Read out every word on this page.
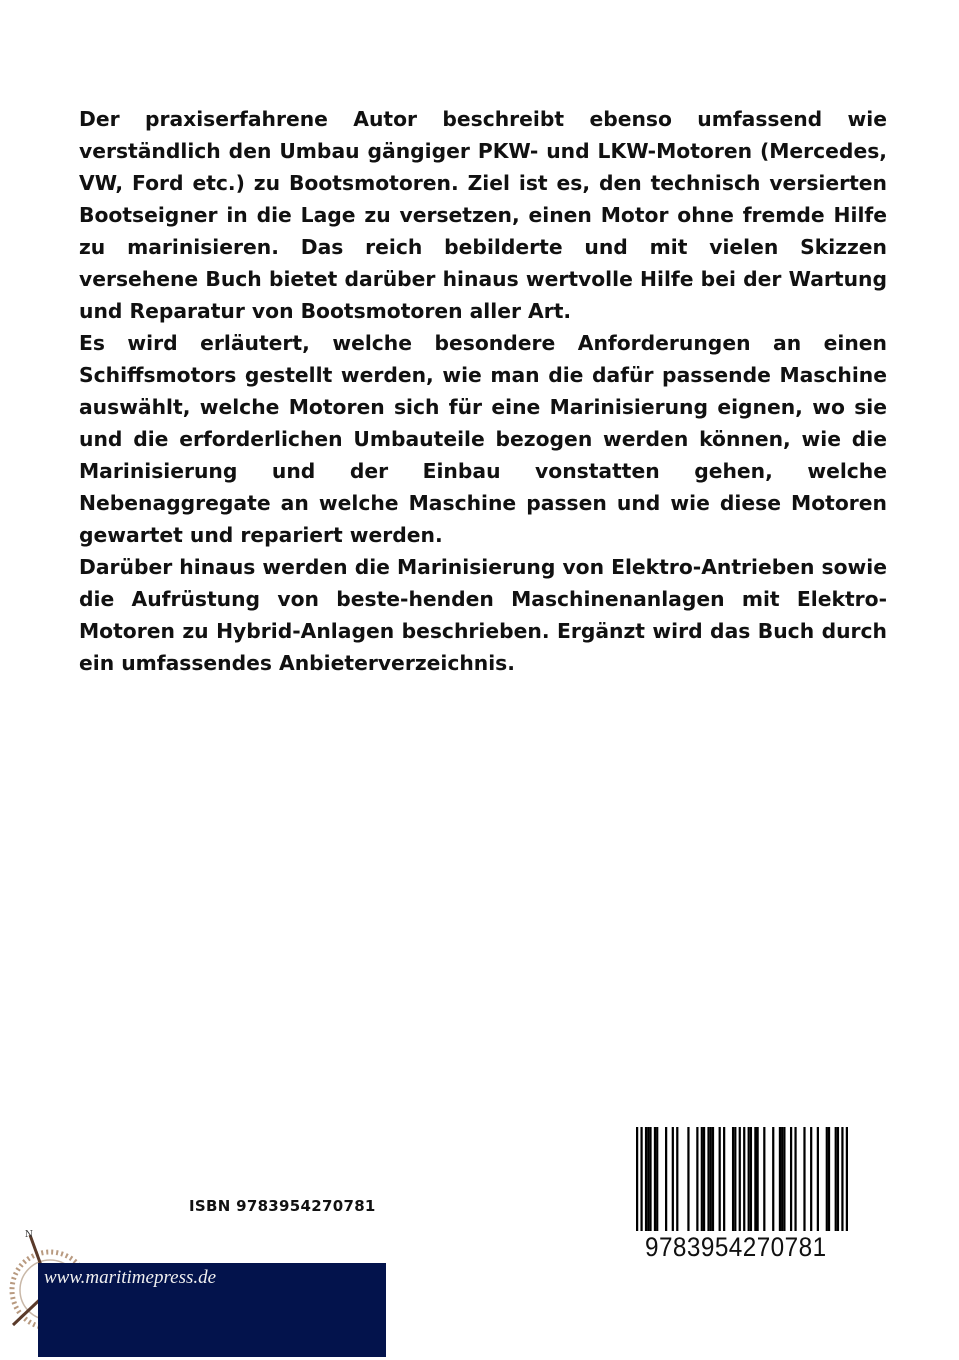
Der praxiserfahrene Autor beschreibt ebenso umfassend wie verständlich den Umbau gängiger PKW- und LKW-Motoren (Mercedes, VW, Ford etc.) zu Bootsmotoren. Ziel ist es, den technisch versierten Bootseigner in die Lage zu versetzen, einen Motor ohne fremde Hilfe zu marinisieren. Das reich bebilderte und mit vielen Skizzen versehene Buch bietet darüber hinaus wertvolle Hilfe bei der Wartung und Reparatur von Bootsmotoren aller Art.

Es wird erläutert, welche besondere Anforderungen an einen Schiffsmotors gestellt werden, wie man die dafür passende Maschine auswählt, welche Motoren sich für eine Marinisierung eignen, wo sie und die erforderlichen Umbauteile bezogen werden können, wie die Marinisierung und der Einbau vonstatten gehen, welche Nebenaggregate an welche Maschine passen und wie diese Motoren gewartet und repariert werden.

Darüber hinaus werden die Marinisierung von Elektro-Antrieben sowie die Aufrüstung von beste-henden Maschinenanlagen mit Elektro-Motoren zu Hybrid-Anlagen beschrieben. Ergänzt wird das Buch durch ein umfassendes Anbieterverzeichnis.

ISBN 9783954270781
9783954270781
N
www.maritimepress.de
